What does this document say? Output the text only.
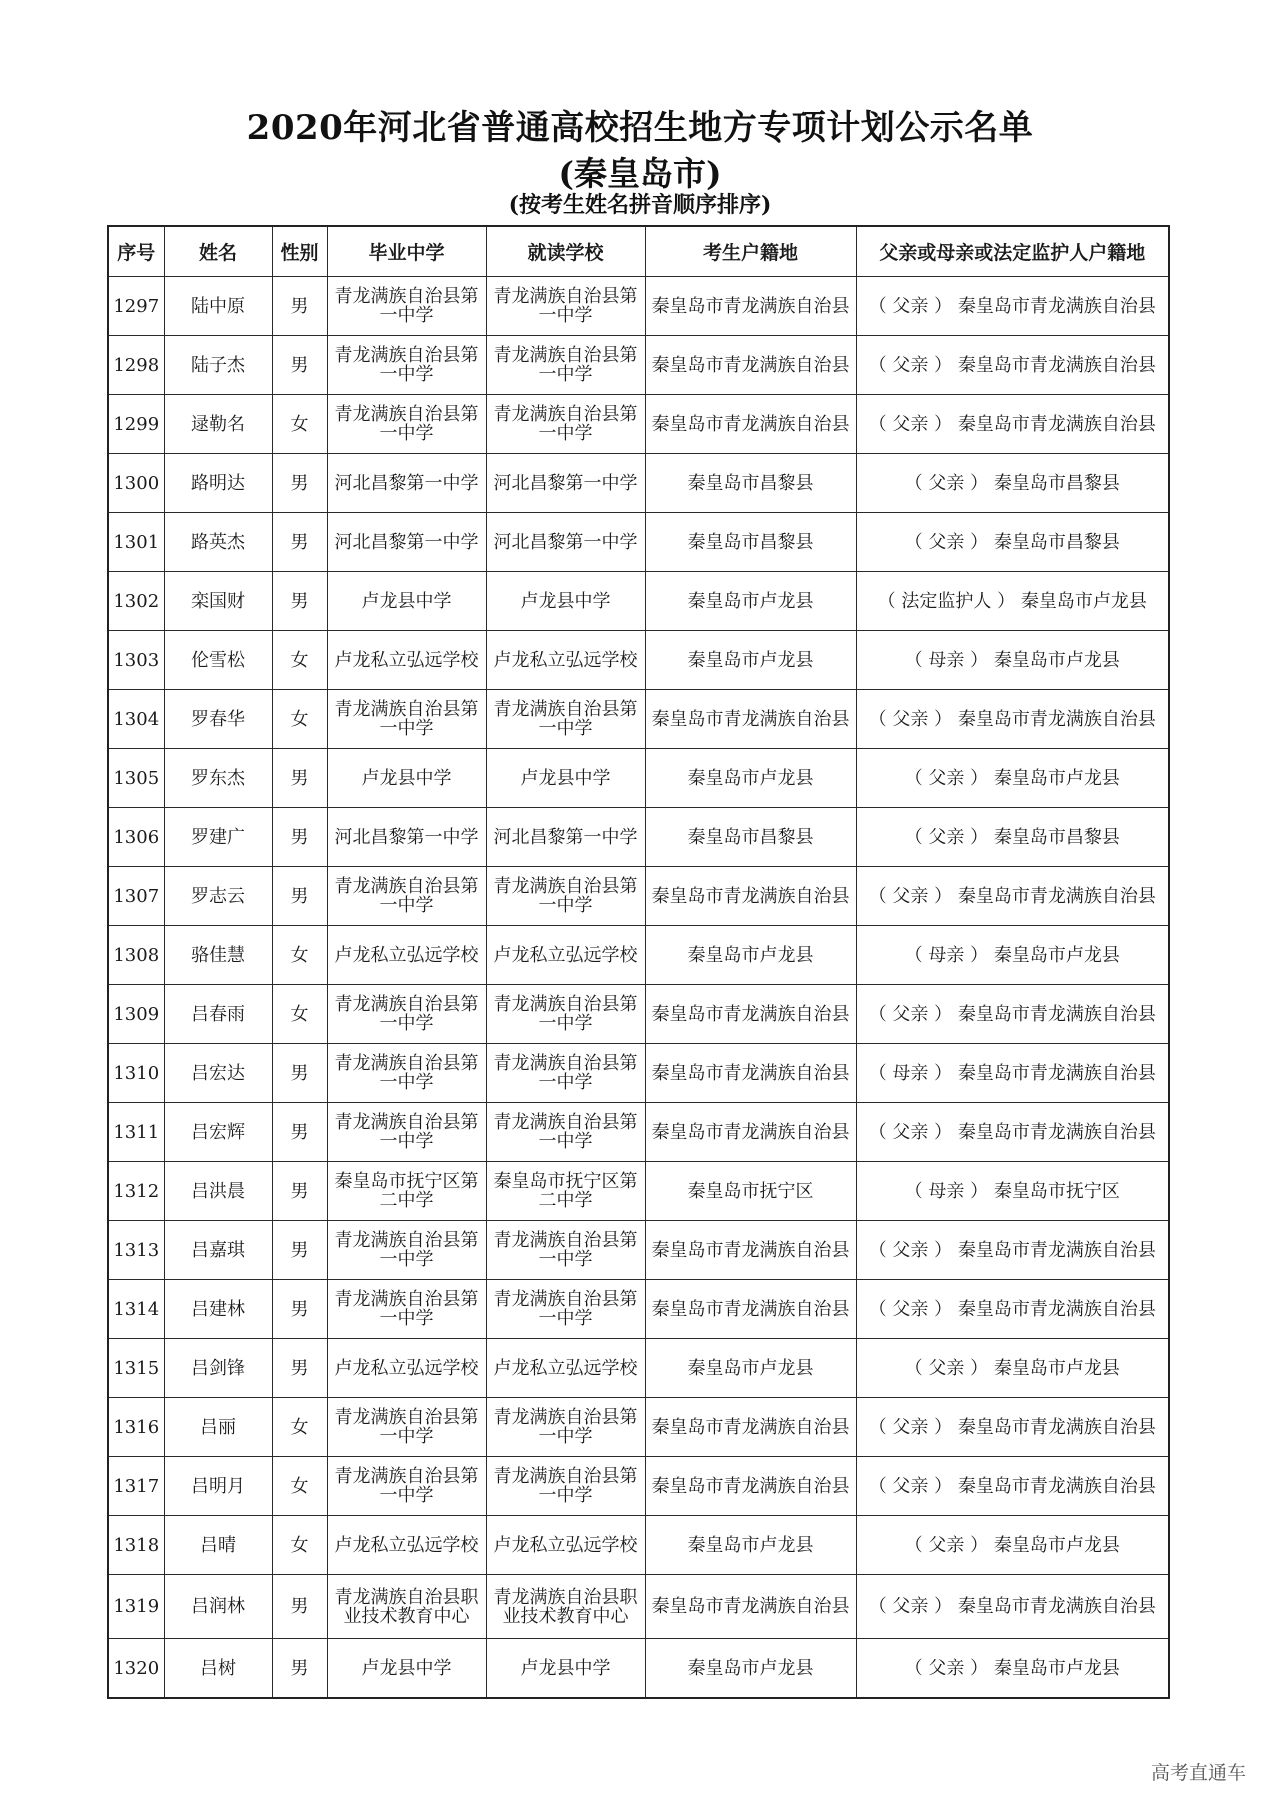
2020年河北省普通高校招生地方专项计划公示名单
(秦皇岛市)
(按考生姓名拼音顺序排序)
序号	姓名	性别	毕业中学	就读学校	考生户籍地	父亲或母亲或法定监护人户籍地
1297	陆中原	男	青龙满族自治县第一中学	青龙满族自治县第一中学	秦皇岛市青龙满族自治县	（ 父亲 ） 秦皇岛市青龙满族自治县
1298	陆子杰	男	青龙满族自治县第一中学	青龙满族自治县第一中学	秦皇岛市青龙满族自治县	（ 父亲 ） 秦皇岛市青龙满族自治县
1299	逯勒名	女	青龙满族自治县第一中学	青龙满族自治县第一中学	秦皇岛市青龙满族自治县	（ 父亲 ） 秦皇岛市青龙满族自治县
1300	路明达	男	河北昌黎第一中学	河北昌黎第一中学	秦皇岛市昌黎县	（ 父亲 ） 秦皇岛市昌黎县
1301	路英杰	男	河北昌黎第一中学	河北昌黎第一中学	秦皇岛市昌黎县	（ 父亲 ） 秦皇岛市昌黎县
1302	栾国财	男	卢龙县中学	卢龙县中学	秦皇岛市卢龙县	（ 法定监护人 ） 秦皇岛市卢龙县
1303	伦雪松	女	卢龙私立弘远学校	卢龙私立弘远学校	秦皇岛市卢龙县	（ 母亲 ） 秦皇岛市卢龙县
1304	罗春华	女	青龙满族自治县第一中学	青龙满族自治县第一中学	秦皇岛市青龙满族自治县	（ 父亲 ） 秦皇岛市青龙满族自治县
1305	罗东杰	男	卢龙县中学	卢龙县中学	秦皇岛市卢龙县	（ 父亲 ） 秦皇岛市卢龙县
1306	罗建广	男	河北昌黎第一中学	河北昌黎第一中学	秦皇岛市昌黎县	（ 父亲 ） 秦皇岛市昌黎县
1307	罗志云	男	青龙满族自治县第一中学	青龙满族自治县第一中学	秦皇岛市青龙满族自治县	（ 父亲 ） 秦皇岛市青龙满族自治县
1308	骆佳慧	女	卢龙私立弘远学校	卢龙私立弘远学校	秦皇岛市卢龙县	（ 母亲 ） 秦皇岛市卢龙县
1309	吕春雨	女	青龙满族自治县第一中学	青龙满族自治县第一中学	秦皇岛市青龙满族自治县	（ 父亲 ） 秦皇岛市青龙满族自治县
1310	吕宏达	男	青龙满族自治县第一中学	青龙满族自治县第一中学	秦皇岛市青龙满族自治县	（ 母亲 ） 秦皇岛市青龙满族自治县
1311	吕宏辉	男	青龙满族自治县第一中学	青龙满族自治县第一中学	秦皇岛市青龙满族自治县	（ 父亲 ） 秦皇岛市青龙满族自治县
1312	吕洪晨	男	秦皇岛市抚宁区第二中学	秦皇岛市抚宁区第二中学	秦皇岛市抚宁区	（ 母亲 ） 秦皇岛市抚宁区
1313	吕嘉琪	男	青龙满族自治县第一中学	青龙满族自治县第一中学	秦皇岛市青龙满族自治县	（ 父亲 ） 秦皇岛市青龙满族自治县
1314	吕建林	男	青龙满族自治县第一中学	青龙满族自治县第一中学	秦皇岛市青龙满族自治县	（ 父亲 ） 秦皇岛市青龙满族自治县
1315	吕剑锋	男	卢龙私立弘远学校	卢龙私立弘远学校	秦皇岛市卢龙县	（ 父亲 ） 秦皇岛市卢龙县
1316	吕丽	女	青龙满族自治县第一中学	青龙满族自治县第一中学	秦皇岛市青龙满族自治县	（ 父亲 ） 秦皇岛市青龙满族自治县
1317	吕明月	女	青龙满族自治县第一中学	青龙满族自治县第一中学	秦皇岛市青龙满族自治县	（ 父亲 ） 秦皇岛市青龙满族自治县
1318	吕晴	女	卢龙私立弘远学校	卢龙私立弘远学校	秦皇岛市卢龙县	（ 父亲 ） 秦皇岛市卢龙县
1319	吕润林	男	青龙满族自治县职业技术教育中心	青龙满族自治县职业技术教育中心	秦皇岛市青龙满族自治县	（ 父亲 ） 秦皇岛市青龙满族自治县
1320	吕树	男	卢龙县中学	卢龙县中学	秦皇岛市卢龙县	（ 父亲 ） 秦皇岛市卢龙县
高考直通车
